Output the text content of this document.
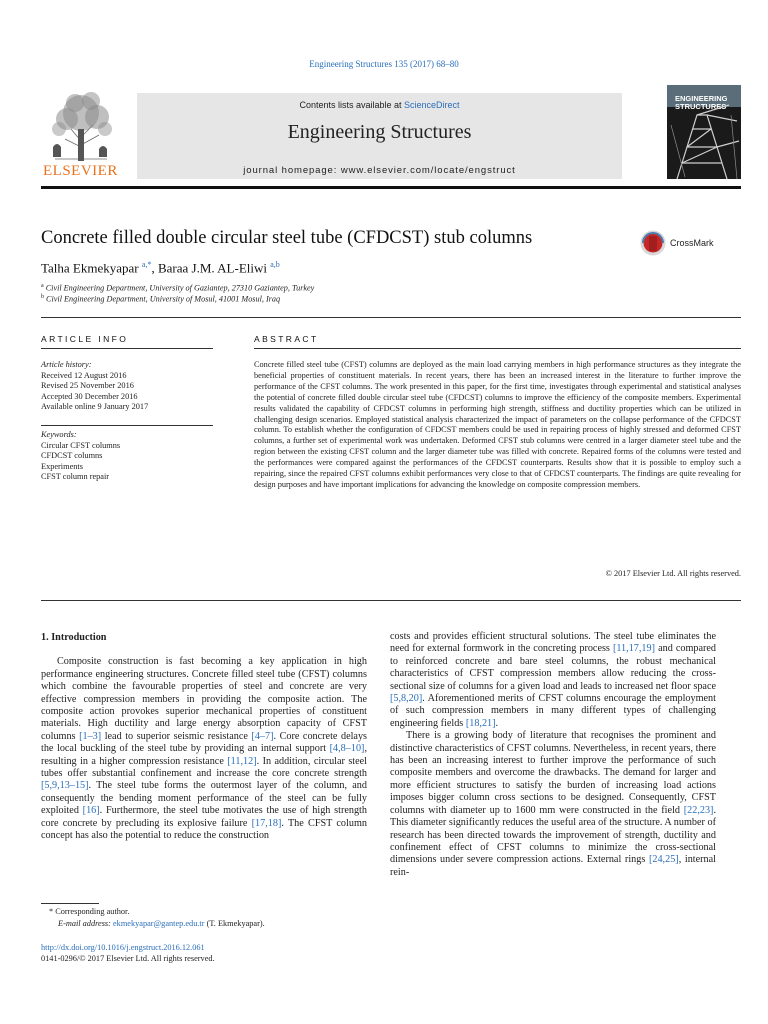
Engineering Structures 135 (2017) 68–80
ELSEVIER
Contents lists available at ScienceDirect
Engineering Structures
journal homepage: www.elsevier.com/locate/engstruct
ENGINEERING
STRUCTURES
Concrete filled double circular steel tube (CFDCST) stub columns	CrossMark
Talha Ekmekyapar $^{a,*}$, Baraa J.M. AL-Eliwi $^{a,b}$
$^a$ Civil Engineering Department, University of Gaziantep, 27310 Gaziantep, Turkey
$^b$ Civil Engineering Department, University of Mosul, 41001 Mosul, Iraq
ARTICLE INFO	ABSTRACT
Article history:
Received 12 August 2016
Revised 25 November 2016
Accepted 30 December 2016
Available online 9 January 2017
Keywords:
Circular CFST columns
CFDCST columns
Experiments
CFST column repair
Concrete filled steel tube (CFST) columns are deployed as the main load carrying members in high performance structures as they integrate the beneficial properties of constituent materials. In recent years, there has been an increased interest in the literature to further improve the performance of the CFST columns. The work presented in this paper, for the first time, investigates through experimental and statistical analyses the potential of concrete filled double circular steel tube (CFDCST) columns to improve the efficiency of the composite members. Experimental results validated the capability of CFDCST columns in performing high strength, stiffness and ductility properties which can be utilized in challenging design scenarios. Employed statistical analysis characterized the impact of parameters on the collapse performance of the CFDCST column. To establish whether the configuration of CFDCST members could be used in repairing process of highly stressed and deformed CFST columns, a further set of experimental work was undertaken. Deformed CFST stub columns were centred in a larger diameter steel tube and the region between the existing CFST column and the larger diameter tube was filled with concrete. Repaired forms of the columns were tested and the performances were compared against the performances of the CFDCST counterparts. Results show that it is possible to employ such a repairing, since the repaired CFST columns exhibit performances very close to that of CFDCST counterparts. The findings are quite revealing for design purposes and have important implications for advancing the knowledge on composite compression members.
© 2017 Elsevier Ltd. All rights reserved.
1. Introduction

Composite construction is fast becoming a key application in high performance engineering structures. Concrete filled steel tube (CFST) columns which combine the favourable properties of steel and concrete are very effective compression members in providing the composite action. The composite action provokes superior mechanical properties of constituent materials. High ductility and large energy absorption capacity of CFST columns [1–3] lead to superior seismic resistance [4–7]. Core concrete delays the local buckling of the steel tube by providing an internal support [4,8–10], resulting in a higher compression resistance [11,12]. In addition, circular steel tubes offer substantial confinement and increase the core concrete strength [5,9,13–15]. The steel tube forms the outermost layer of the column, and consequently the bending moment performance of the steel can be fully exploited [16]. Furthermore, the steel tube motivates the use of high strength core concrete by precluding its explosive failure [17,18]. The CFST column concept has also the potential to reduce the construction

costs and provides efficient structural solutions. The steel tube eliminates the need for external formwork in the concreting process [11,17,19] and compared to reinforced concrete and bare steel columns, the robust mechanical characteristics of CFST compression members allow reducing the cross-sectional size of columns for a given load and leads to increased net floor space [5,8,20]. Aforementioned merits of CFST columns encourage the employment of such compression members in many different types of challenging engineering fields [18,21].

There is a growing body of literature that recognises the prominent and distinctive characteristics of CFST columns. Nevertheless, in recent years, there has been an increasing interest to further improve the performance of such composite members and overcome the drawbacks. The demand for larger and more efficient structures to satisfy the burden of increasing load actions imposes bigger column cross sections to be designed. Consequently, CFST columns with diameter up to 1600 mm were constructed in the field [22,23]. This diameter significantly reduces the useful area of the structure. A number of research has been directed towards the improvement of strength, ductility and confinement effect of CFST columns to minimize the cross-sectional dimensions under severe compression actions. External rings [24,25], internal rein-

* Corresponding author.
E-mail address: ekmekyapar@gantep.edu.tr (T. Ekmekyapar).
http://dx.doi.org/10.1016/j.engstruct.2016.12.061
0141-0296/© 2017 Elsevier Ltd. All rights reserved.
